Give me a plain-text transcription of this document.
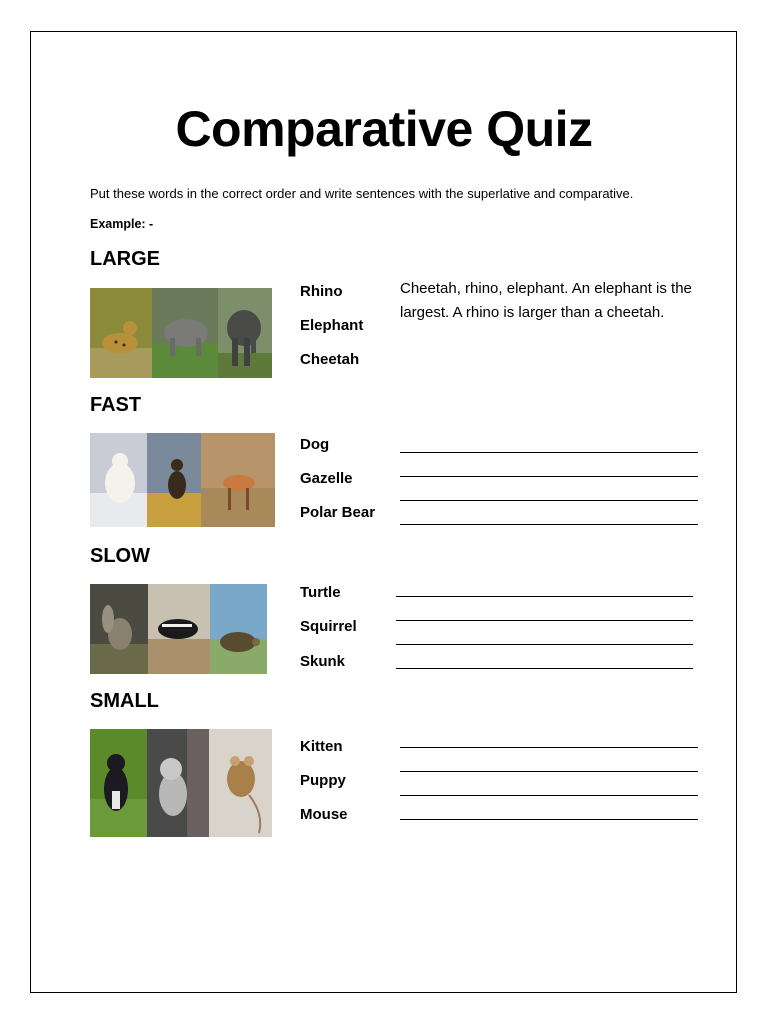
Comparative Quiz
Put these words in the correct order and write sentences with the superlative and comparative.
Example: -
LARGE
Rhino
Elephant
Cheetah
Cheetah, rhino, elephant. An elephant is the largest. A rhino is larger than a cheetah.
FAST
Dog
Gazelle
Polar Bear
SLOW
Turtle
Squirrel
Skunk
SMALL
Kitten
Puppy
Mouse
